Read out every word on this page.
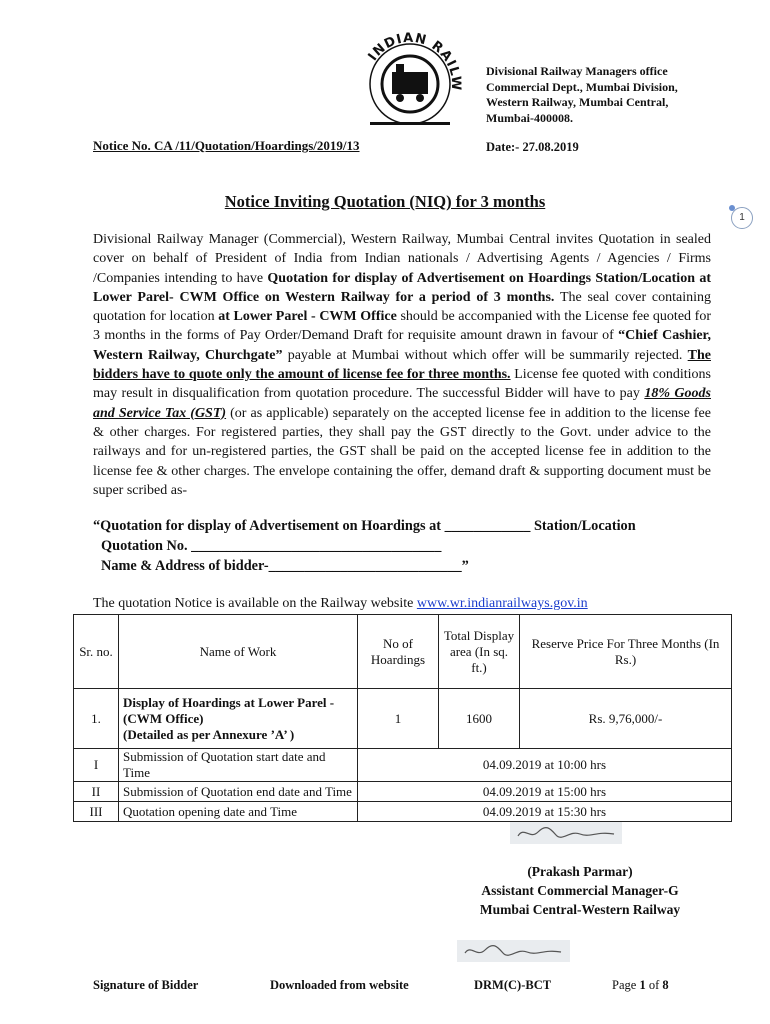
INDIAN RAILW
Divisional Railway Managers office
Commercial Dept., Mumbai Division,
Western Railway, Mumbai Central,
Mumbai-400008.
Notice No. CA /11/Quotation/Hoardings/2019/13	Date:- 27.08.2019
1
Notice Inviting Quotation (NIQ) for 3 months
Divisional Railway Manager (Commercial), Western Railway, Mumbai Central invites Quotation in sealed cover on behalf of President of India from Indian nationals / Advertising Agents / Agencies / Firms /Companies intending to have Quotation for display of Advertisement on Hoardings Station/Location at Lower Parel- CWM Office on Western Railway for a period of 3 months. The seal cover containing quotation for location at Lower Parel - CWM Office should be accompanied with the License fee quoted for 3 months in the forms of Pay Order/Demand Draft for requisite amount drawn in favour of “Chief Cashier, Western Railway, Churchgate” payable at Mumbai without which offer will be summarily rejected. The bidders have to quote only the amount of license fee for three months. License fee quoted with conditions may result in disqualification from quotation procedure. The successful Bidder will have to pay 18% Goods and Service Tax (GST) (or as applicable) separately on the accepted license fee in addition to the license fee & other charges. For registered parties, they shall pay the GST directly to the Govt. under advice to the railways and for un-registered parties, the GST shall be paid on the accepted license fee in addition to the license fee & other charges. The envelope containing the offer, demand draft & supporting document must be super scribed as-
“Quotation for display of Advertisement on Hoardings at ____________ Station/Location
Quotation No. ___________________________________
Name & Address of bidder-___________________________”
The quotation Notice is available on the Railway website www.wr.indianrailways.gov.in
Sr. no.	Name of Work	No of Hoardings	Total Display area (In sq. ft.)	Reserve Price For Three Months (In Rs.)
1.	Display of Hoardings at Lower Parel -
(CWM Office)
(Detailed as per Annexure ’A’ )	1	1600	Rs. 9,76,000/-
I	Submission of Quotation start date and Time	04.09.2019 at 10:00 hrs		
II	Submission of Quotation end date and Time	04.09.2019 at 15:00 hrs		
III	Quotation opening date and Time	04.09.2019 at 15:30 hrs		
(Prakash Parmar)
Assistant Commercial Manager-G
Mumbai Central-Western Railway
Signature of Bidder	Downloaded from website	DRM(C)-BCT	Page 1 of 8
